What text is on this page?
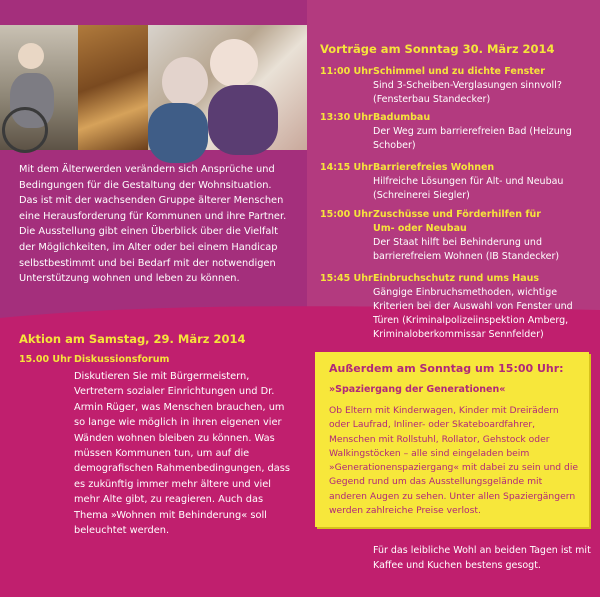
Mit dem Älterwerden verändern sich Ansprüche und Bedingungen für die Gestaltung der Wohnsituation. Das ist mit der wachsenden Gruppe älterer Menschen eine Herausforderung für Kommunen und ihre Partner. Die Ausstellung gibt einen Überblick über die Vielfalt der Möglichkeiten, im Alter oder bei einem Handicap selbstbestimmt und bei Bedarf mit der notwendigen Unterstützung wohnen und leben zu können.
Aktion am Samstag, 29. März 2014
15.00 Uhr Diskussionsforum
Diskutieren Sie mit Bürgermeistern, Vertretern sozialer Einrichtungen und Dr. Armin Rüger, was Menschen brauchen, um so lange wie möglich in ihren eigenen vier Wänden wohnen bleiben zu können. Was müssen Kommunen tun, um auf die demografischen Rahmenbedingungen, dass es zukünftig immer mehr ältere und viel mehr Alte gibt, zu reagieren. Auch das Thema »Wohnen mit Behinderung« soll beleuchtet werden.
Vorträge am Sonntag 30. März 2014
11:00 Uhr Schimmel und zu dichte Fenster
Sind 3-Scheiben-Verglasungen sinnvoll? (Fensterbau Standecker)
13:30 Uhr Badumbau
Der Weg zum barrierefreien Bad (Heizung Schober)
14:15 Uhr Barrierefreies Wohnen
Hilfreiche Lösungen für Alt- und Neubau (Schreinerei Siegler)
15:00 Uhr Zuschüsse und Förderhilfen für Um- oder Neubau
Der Staat hilft bei Behinderung und barrierefreiem Wohnen (IB Standecker)
15:45 Uhr Einbruchschutz rund ums Haus
Gängige Einbruchsmethoden, wichtige Kriterien bei der Auswahl von Fenster und Türen (Kriminalpolizeiinspektion Amberg, Kriminaloberkommissar Sennfelder)
Außerdem am Sonntag um 15:00 Uhr:
»Spaziergang der Generationen«
Ob Eltern mit Kinderwagen, Kinder mit Dreirädern oder Laufrad, Inliner- oder Skateboardfahrer, Menschen mit Rollstuhl, Rollator, Gehstock oder Walkingstöcken – alle sind eingeladen beim »Generationenspaziergang« mit dabei zu sein und die Gegend rund um das Ausstellungsgelände mit anderen Augen zu sehen. Unter allen Spaziergängern werden zahlreiche Preise verlost.
Für das leibliche Wohl an beiden Tagen ist mit Kaffee und Kuchen bestens gesogt.
